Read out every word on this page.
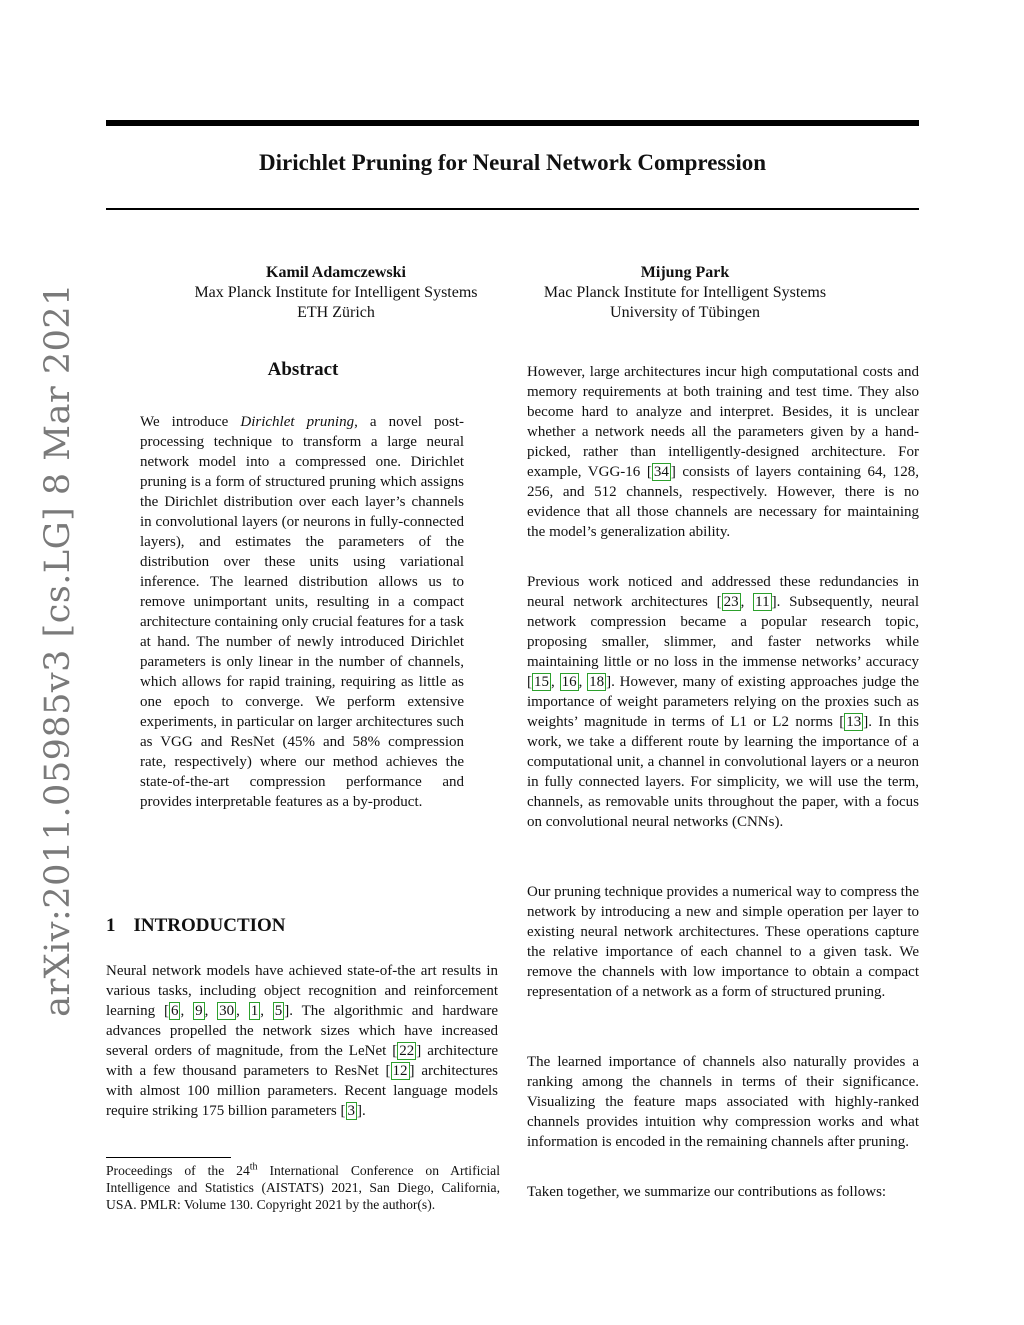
arXiv:2011.05985v3 [cs.LG] 8 Mar 2021
Dirichlet Pruning for Neural Network Compression
Kamil Adamczewski
Max Planck Institute for Intelligent Systems
ETH Zürich
Mijung Park
Mac Planck Institute for Intelligent Systems
University of Tübingen
Abstract
We introduce Dirichlet pruning, a novel post-processing technique to transform a large neural network model into a compressed one. Dirichlet pruning is a form of structured pruning which assigns the Dirichlet distribution over each layer’s channels in convolutional layers (or neurons in fully-connected layers), and estimates the parameters of the distribution over these units using variational inference. The learned distribution allows us to remove unimportant units, resulting in a compact architecture containing only crucial features for a task at hand. The number of newly introduced Dirichlet parameters is only linear in the number of channels, which allows for rapid training, requiring as little as one epoch to converge. We perform extensive experiments, in particular on larger architectures such as VGG and ResNet (45% and 58% compression rate, respectively) where our method achieves the state-of-the-art compression performance and provides interpretable features as a by-product.
1 INTRODUCTION
Neural network models have achieved state-of-the art results in various tasks, including object recognition and reinforcement learning [ 6 , 9 , 30 , 1 , 5 ]. The algorithmic and hardware advances propelled the network sizes which have increased several orders of magnitude, from the LeNet [ 22 ] architecture with a few thousand parameters to ResNet [ 12 ] architectures with almost 100 million parameters. Recent language models require striking 175 billion parameters [ 3 ].
Proceedings of the 24th International Conference on Artificial Intelligence and Statistics (AISTATS) 2021, San Diego, California, USA. PMLR: Volume 130. Copyright 2021 by the author(s).

However, large architectures incur high computational costs and memory requirements at both training and test time. They also become hard to analyze and interpret. Besides, it is unclear whether a network needs all the parameters given by a hand-picked, rather than intelligently-designed architecture. For example, VGG-16 [ 34 ] consists of layers containing 64, 128, 256, and 512 channels, respectively. However, there is no evidence that all those channels are necessary for maintaining the model’s generalization ability.

Previous work noticed and addressed these redundancies in neural network architectures [ 23 , 11 ]. Subsequently, neural network compression became a popular research topic, proposing smaller, slimmer, and faster networks while maintaining little or no loss in the immense networks’ accuracy [ 15 , 16 , 18 ]. However, many of existing approaches judge the importance of weight parameters relying on the proxies such as weights’ magnitude in terms of L1 or L2 norms [ 13 ]. In this work, we take a different route by learning the importance of a computational unit, a channel in convolutional layers or a neuron in fully connected layers. For simplicity, we will use the term, channels, as removable units throughout the paper, with a focus on convolutional neural networks (CNNs).

Our pruning technique provides a numerical way to compress the network by introducing a new and simple operation per layer to existing neural network architectures. These operations capture the relative importance of each channel to a given task. We remove the channels with low importance to obtain a compact representation of a network as a form of structured pruning.

The learned importance of channels also naturally provides a ranking among the channels in terms of their significance. Visualizing the feature maps associated with highly-ranked channels provides intuition why compression works and what information is encoded in the remaining channels after pruning.

Taken together, we summarize our contributions as follows:
